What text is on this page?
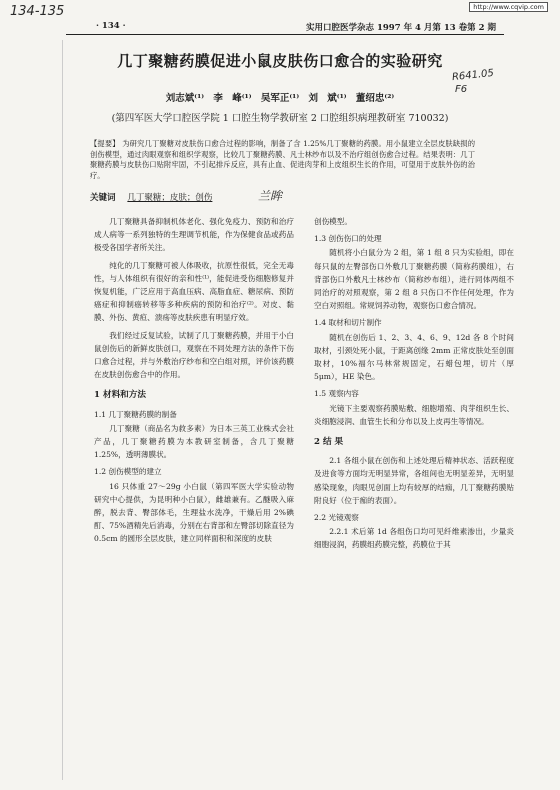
134-135
· 134 ·	实用口腔医学杂志 1997 年 4 月第 13 卷第 2 期
http://www.cqvip.com
几丁聚糖药膜促进小鼠皮肤伤口愈合的实验研究
R641.05
F6
刘志斌⁽¹⁾ 李 峰⁽¹⁾ 吴军正⁽¹⁾ 刘 斌⁽¹⁾ 董绍忠⁽²⁾
(第四军医大学口腔医学院 1 口腔生物学教研室 2 口腔组织病理教研室 710032)
【提要】 为研究几丁聚糖对皮肤伤口愈合过程的影响，制备了含 1.25%几丁聚糖的药膜。用小鼠建立全层皮肤缺损的创伤模型，通过肉眼观察和组织学观察，比较几丁聚糖药膜、凡士林纱布以及不治疗组创伤愈合过程。结果表明：几丁聚糖药膜与皮肤伤口贴附牢固，不引起排斥反应，具有止血、促进肉芽和上皮组织生长的作用，可望用于皮肤外伤的治疗。
关键词 几丁聚糖；皮肤；创伤	兰眸
几丁聚糖具备抑制机体老化、强化免疫力、预防和治疗成人病等一系列独特的生理调节机能，作为保健食品或药品极受各国学者所关注。
纯化的几丁聚糖可被人体吸收，抗原性很低，完全无毒性，与人体组织有很好的亲和性⁽¹⁾，能促进受伤细胞修复并恢复机能，广泛应用于高血压病、高脂血症、糖尿病、预防癌症和抑制癌转移等多种疾病的预防和治疗⁽²⁾。对皮、黏膜、外伤、黄疸、溃疡等皮肤疾患有明显疗效。
我们经过反复试验，试制了几丁聚糖药膜，并用于小白鼠创伤后的新鲜皮肤创口，观察在不同处理方法的条件下伤口愈合过程，并与外敷治疗纱布和空白组对照，评价该药膜在皮肤创伤愈合中的作用。
1 材料和方法
1.1 几丁聚糖药膜的制备
几丁聚糖（商品名为救多素）为日本三英工业株式会社产品，几丁聚糖药膜为本教研室制备，含几丁聚糖 1.25%，透明薄膜状。
1.2 创伤模型的建立
16 只体重 27～29g 小白鼠（第四军医大学实验动物研究中心提供，为昆明种小白鼠），雌雄兼有。乙醚吸入麻醉，脱去背、臀部体毛，生理盐水洗净，干燥后用 2%碘酊、75%酒精先后消毒，分别在右背部和左臀部切除直径为 0.5cm 的圆形全层皮肤，建立同样面积和深度的皮肤
创伤模型。
1.3 创伤伤口的处理
随机将小白鼠分为 2 组，第 1 组 8 只为实验组，即在每只鼠的左臀部伤口外敷几丁聚糖药膜（简称药膜组），右背部伤口外敷凡士林纱布（简称纱布组），进行同体两组不同治疗的对照观察，第 2 组 8 只伤口不作任何处理，作为空白对照组。常规饲养动物，观察伤口愈合情况。
1.4 取材和切片制作
随机在创伤后 1、2、3、4、6、9、12d 各 8 个时间取材，引颈处死小鼠，于距离创缘 2mm 正常皮肤处至创面取材，10%福尔马林常规固定，石蜡包埋，切片（厚 5μm），HE 染色。
1.5 观察内容
光镜下主要观察药膜贴敷、细胞增殖、肉芽组织生长、炎细胞浸润、血管生长和分布以及上皮再生等情况。
2 结 果
2.1 各组小鼠在创伤和上述处理后精神状态、活跃程度及进食等方面均无明显异常，各组间也无明显差异，无明显感染现象，肉眼见创面上均有较厚的结痂，几丁聚糖药膜贴附良好（位于痂的表面）。
2.2 光镜观察
2.2.1 术后第 1d 各组伤口均可见纤维素渗出，少量炎细胞浸润，药膜组药膜完整，药膜位于其
